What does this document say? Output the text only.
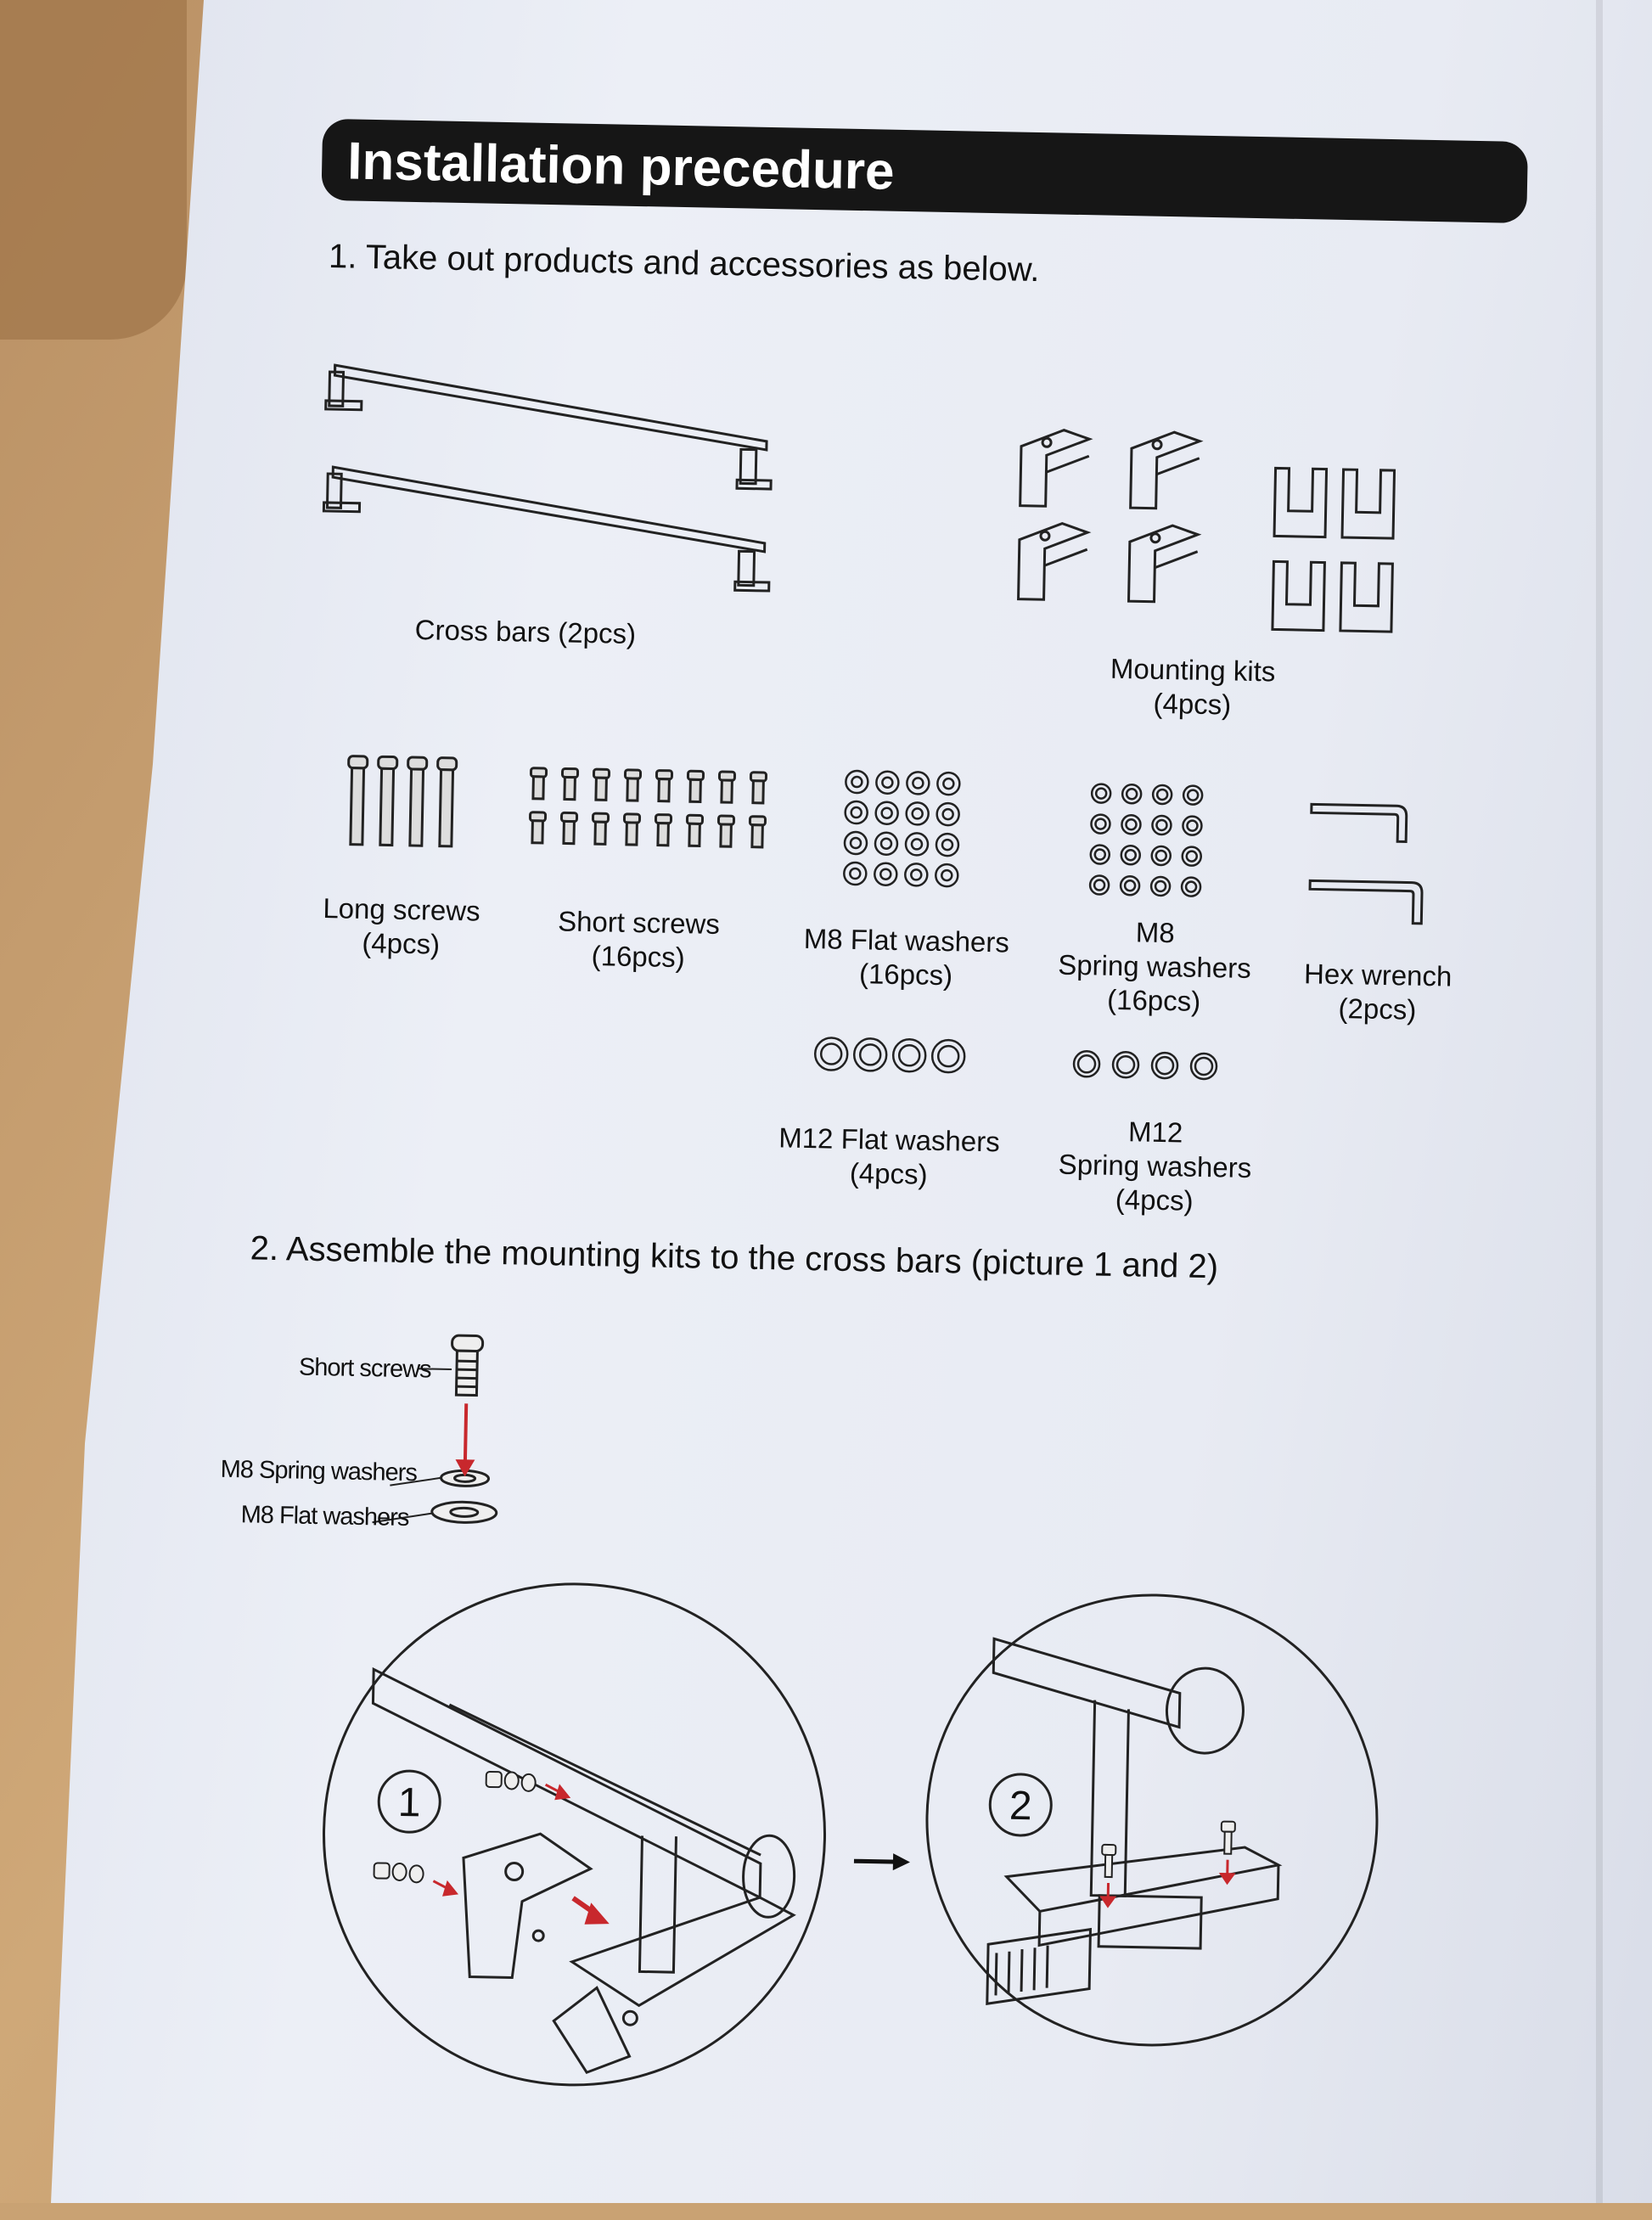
Installation precedure
1. Take out products and accessories as below.
Cross bars (2pcs)
Mounting kits
(4pcs)
Long screws
(4pcs)
Short screws
(16pcs)	M8 Flat washers
(16pcs)
M8
Spring washers
(16pcs)
Hex wrench
(2pcs)
M12 Flat washers
(4pcs)
M12
Spring washers
(4pcs)
2. Assemble the mounting kits to the cross bars (picture 1 and 2)
Short screws
M8 Spring washers
M8 Flat washers
1	2
